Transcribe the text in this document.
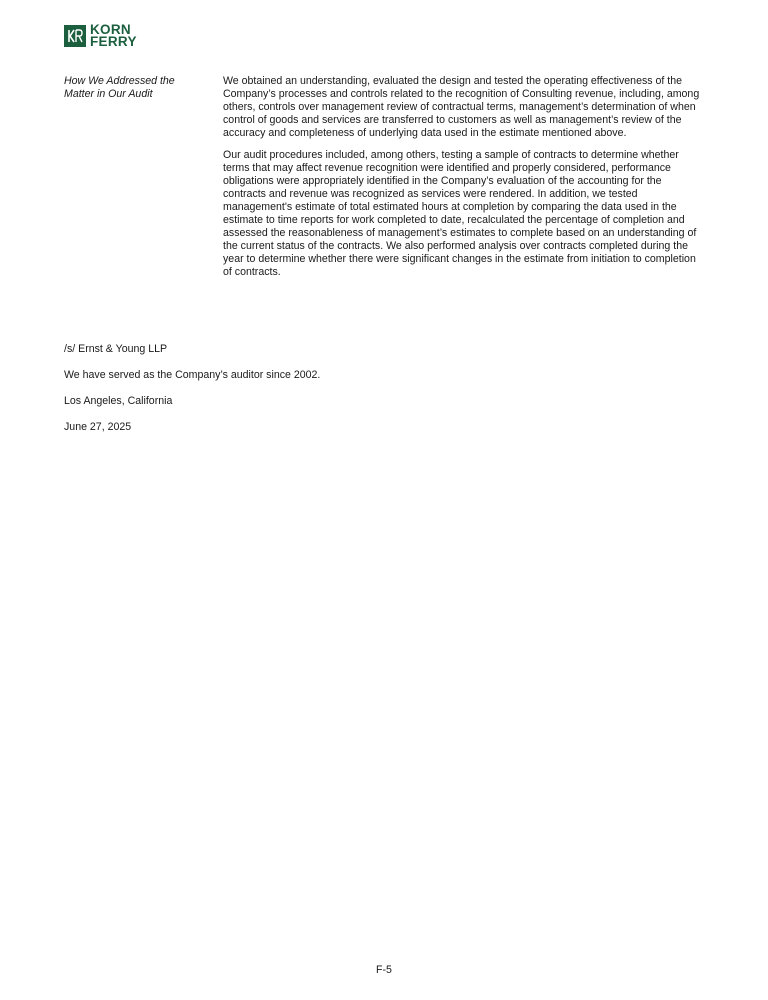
KORN
FERRY
How We Addressed the
Matter in Our Audit

We obtained an understanding, evaluated the design and tested the operating effectiveness of the Company’s processes and controls related to the recognition of Consulting revenue, including, among others, controls over management review of contractual terms, management’s determination of when control of goods and services are transferred to customers as well as management’s review of the accuracy and completeness of underlying data used in the estimate mentioned above.

Our audit procedures included, among others, testing a sample of contracts to determine whether terms that may affect revenue recognition were identified and properly considered, performance obligations were appropriately identified in the Company’s evaluation of the accounting for the contracts and revenue was recognized as services were rendered. In addition, we tested management's estimate of total estimated hours at completion by comparing the data used in the estimate to time reports for work completed to date, recalculated the percentage of completion and assessed the reasonableness of management’s estimates to complete based on an understanding of the current status of the contracts. We also performed analysis over contracts completed during the year to determine whether there were significant changes in the estimate from initiation to completion of contracts.

/s/ Ernst & Young LLP

We have served as the Company’s auditor since 2002.

Los Angeles, California

June 27, 2025

F-5
